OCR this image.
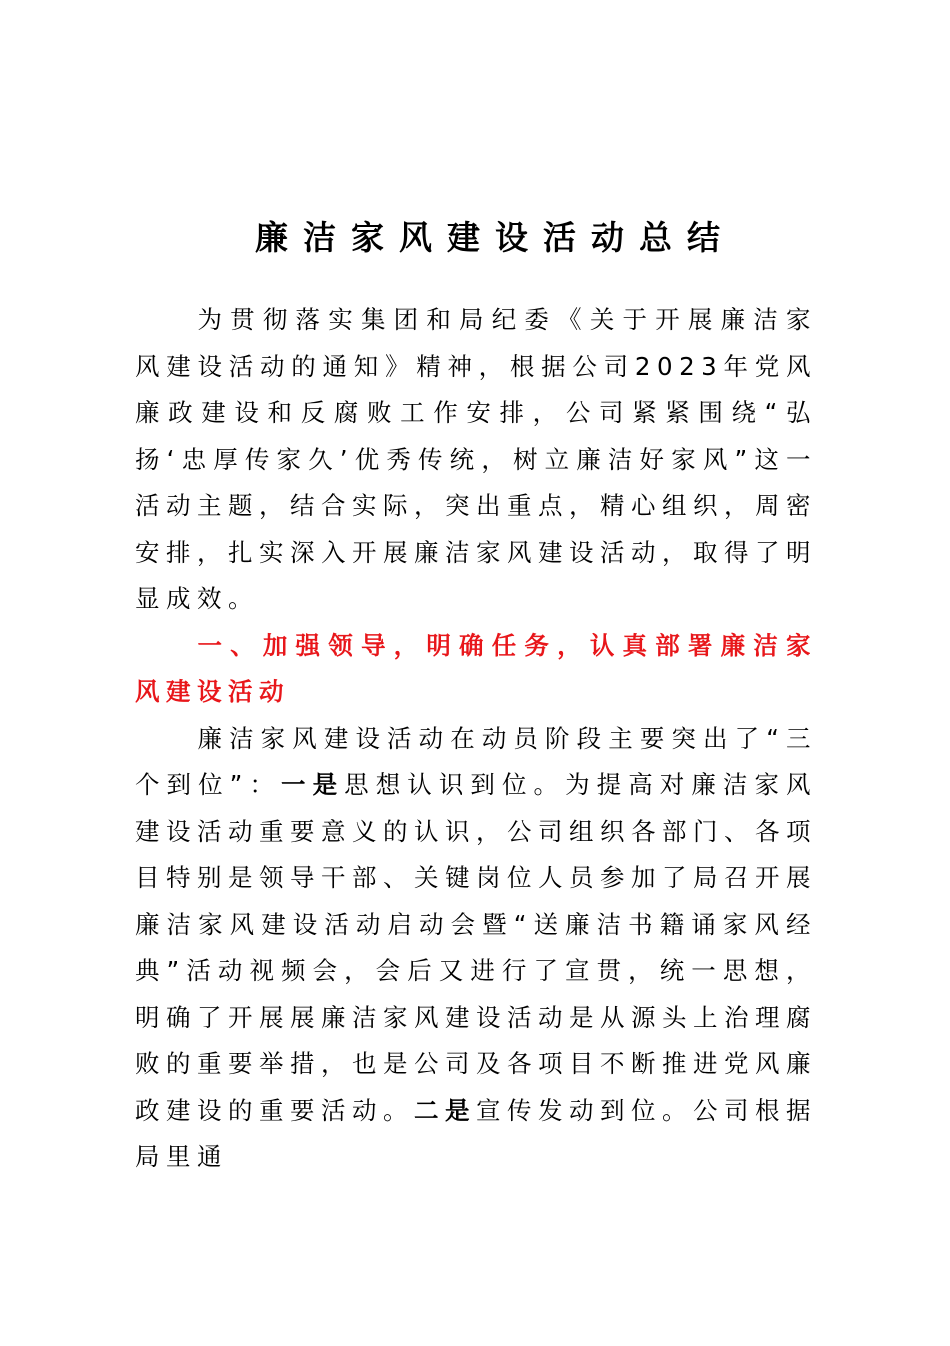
廉洁家风建设活动总结

为贯彻落实集团和局纪委《关于开展廉洁家风建设活动的通知》精神，根据公司2023年党风廉政建设和反腐败工作安排，公司紧紧围绕“弘扬‘忠厚传家久’优秀传统，树立廉洁好家风”这一活动主题，结合实际，突出重点，精心组织，周密安排，扎实深入开展廉洁家风建设活动，取得了明显成效。

一、加强领导，明确任务，认真部署廉洁家风建设活动

廉洁家风建设活动在动员阶段主要突出了“三个到位”：一是思想认识到位。为提高对廉洁家风建设活动重要意义的认识，公司组织各部门、各项目特别是领导干部、关键岗位人员参加了局召开展廉洁家风建设活动启动会暨“送廉洁书籍诵家风经典”活动视频会，会后又进行了宣贯，统一思想，明确了开展展廉洁家风建设活动是从源头上治理腐败的重要举措，也是公司及各项目不断推进党风廉政建设的重要活动。二是宣传发动到位。公司根据局里通
